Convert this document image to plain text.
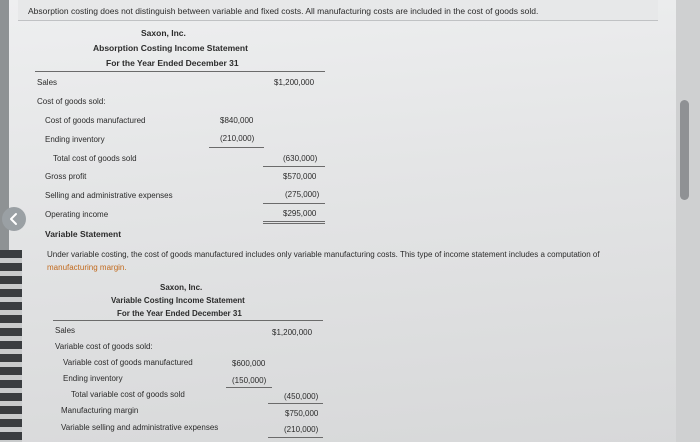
Absorption costing does not distinguish between variable and fixed costs. All manufacturing costs are included in the cost of goods sold.
Saxon, Inc.
Absorption Costing Income Statement
For the Year Ended December 31
Sales	$1,200,000
Cost of goods sold:
Cost of goods manufactured	$840,000
Ending inventory	(210,000)
Total cost of goods sold	(630,000)
Gross profit	$570,000
Selling and administrative expenses	(275,000)
Operating income	$295,000
Variable Statement
Under variable costing, the cost of goods manufactured includes only variable manufacturing costs. This type of income statement includes a computation of
manufacturing margin.
Saxon, Inc.
Variable Costing Income Statement
For the Year Ended December 31
Sales	$1,200,000
Variable cost of goods sold:
Variable cost of goods manufactured	$600,000
Ending inventory	(150,000)
Total variable cost of goods sold	(450,000)
Manufacturing margin	$750,000
Variable selling and administrative expenses	(210,000)
